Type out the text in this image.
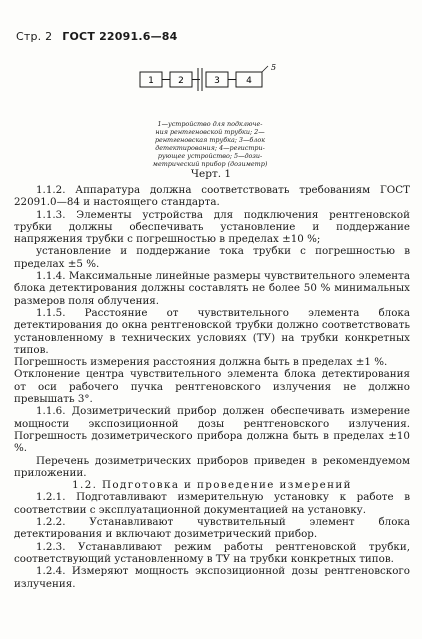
Стр. 2 ГОСТ 22091.6—84
1	2	3	4
5
1—устройство для подключе-
ния рентгеновской трубки; 2—
рентгеновская трубка; 3—блок
детектирования; 4—регистри-
рующее устройство; 5—дози-
метрический прибор (дозиметр)
Черт. 1

1.1.2. Аппаратура должна соответствовать требованиям ГОСТ 22091.0—84 и настоящего стандарта.

1.1.3. Элементы устройства для подключения рентгеновской трубки должны обеспечивать установление и поддержание напряжения трубки с погрешностью в пределах ±10 %;

установление и поддержание тока трубки с погрешностью в пределах ±5 %.

1.1.4. Максимальные линейные размеры чувствительного элемента блока детектирования должны составлять не более 50 % минимальных размеров поля облучения.

1.1.5. Расстояние от чувствительного элемента блока детектирования до окна рентгеновской трубки должно соответствовать установленному в технических условиях (ТУ) на трубки конкретных типов.

Погрешность измерения расстояния должна быть в пределах ±1 %.

Отклонение центра чувствительного элемента блока детектирования от оси рабочего пучка рентгеновского излучения не должно превышать 3°.

1.1.6. Дозиметрический прибор должен обеспечивать измерение мощности экспозиционной дозы рентгеновского излучения. Погрешность дозиметрического прибора должна быть в пределах ±10 %.

Перечень дозиметрических приборов приведен в рекомендуемом приложении.

1.2. Подготовка и проведение измерений

1.2.1. Подготавливают измерительную установку к работе в соответствии с эксплуатационной документацией на установку.

1.2.2. Устанавливают чувствительный элемент блока детектирования и включают дозиметрический прибор.

1.2.3. Устанавливают режим работы рентгеновской трубки, соответствующий установленному в ТУ на трубки конкретных типов.

1.2.4. Измеряют мощность экспозиционной дозы рентгеновского излучения.
